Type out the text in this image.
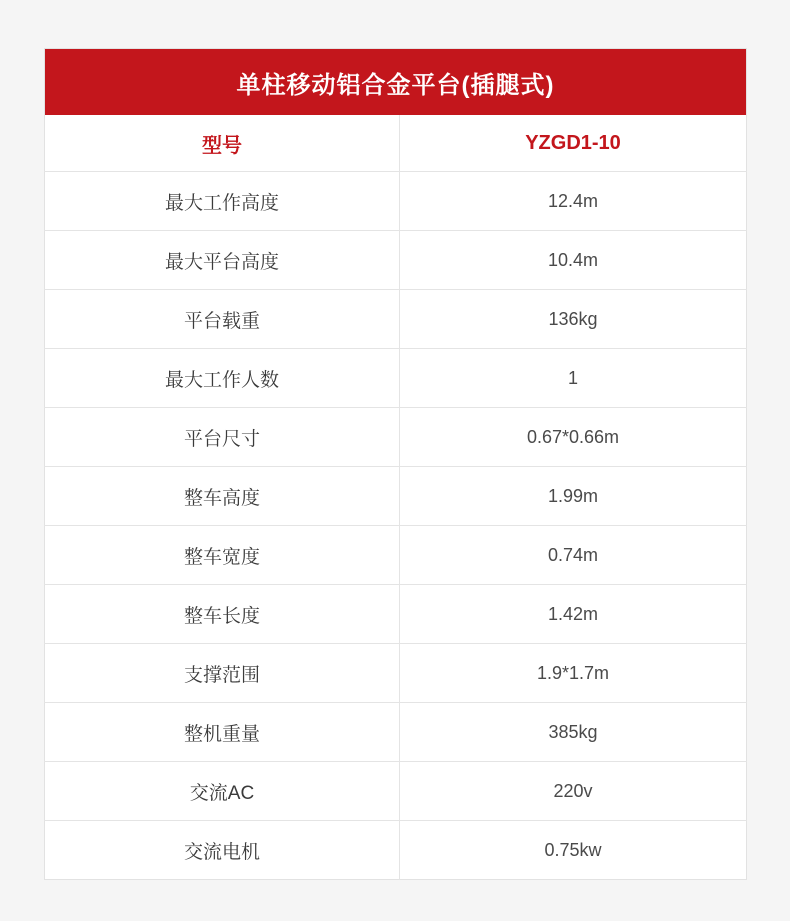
单柱移动铝合金平台(插腿式)	
型号	YZGD1-10
最大工作高度	12.4m
最大平台高度	10.4m
平台载重	136kg
最大工作人数	1
平台尺寸	0.67*0.66m
整车高度	1.99m
整车宽度	0.74m
整车长度	1.42m
支撑范围	1.9*1.7m
整机重量	385kg
交流AC	220v
交流电机	0.75kw
